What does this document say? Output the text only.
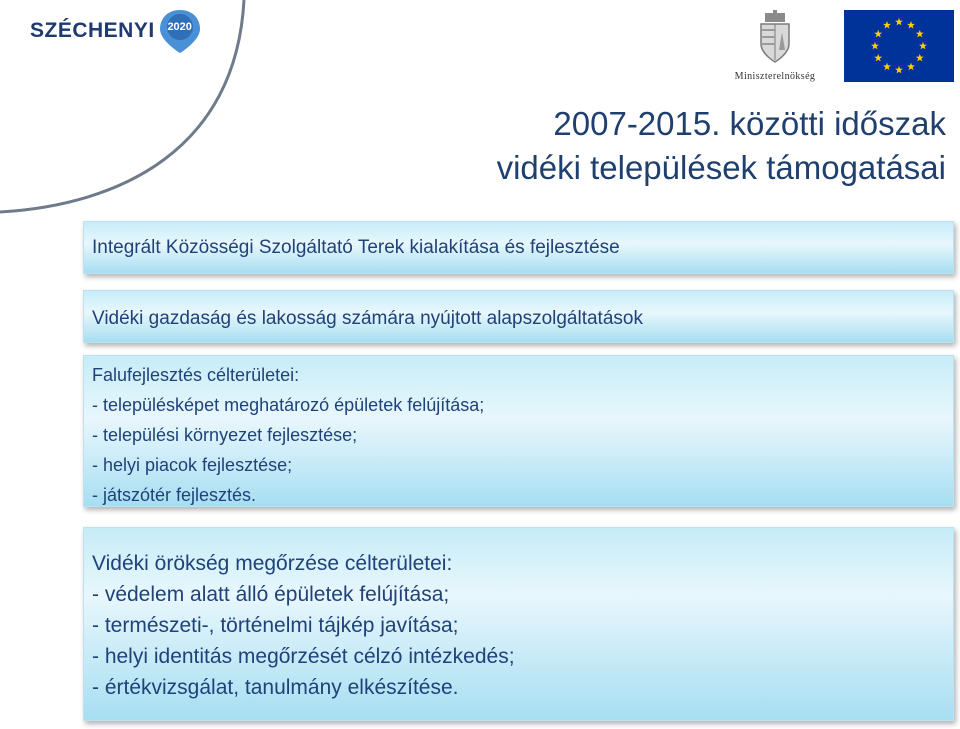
SZÉCHENYI	2020
Miniszterelnökség
2007-2015. közötti időszak
vidéki települések támogatásai
Integrált Közösségi Szolgáltató Terek kialakítása és fejlesztése
Vidéki gazdaság és lakosság számára nyújtott alapszolgáltatások
Falufejlesztés célterületei:
- településképet meghatározó épületek felújítása;
- települési környezet fejlesztése;
- helyi piacok fejlesztése;
- játszótér fejlesztés.
Vidéki örökség megőrzése célterületei:
- védelem alatt álló épületek felújítása;
- természeti-, történelmi tájkép javítása;
- helyi identitás megőrzését célzó intézkedés;
- értékvizsgálat, tanulmány elkészítése.
